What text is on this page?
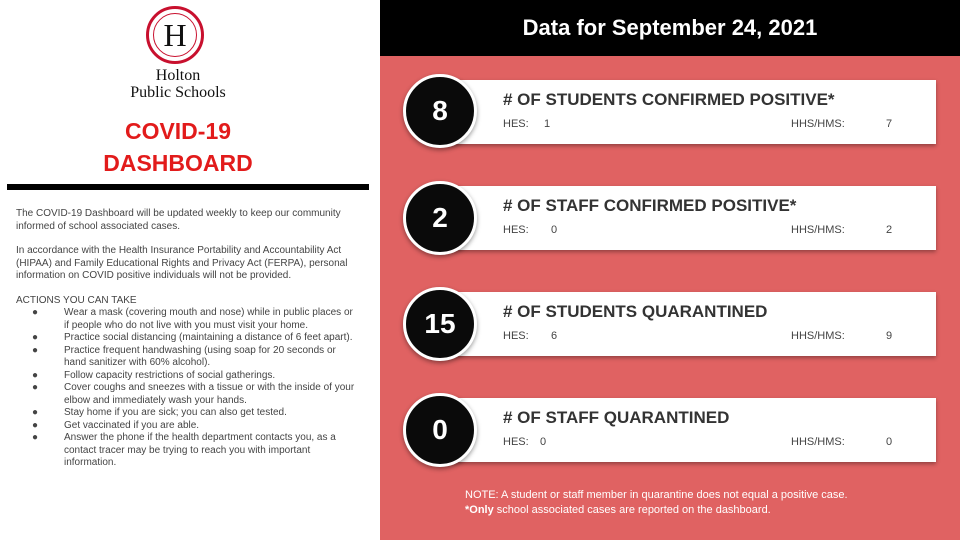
H
Holton
Public Schools
COVID-19
DASHBOARD

The COVID-19 Dashboard will be updated weekly to keep our community informed of school associated cases.

In accordance with the Health Insurance Portability and Accountability Act (HIPAA) and Family Educational Rights and Privacy Act (FERPA), personal information on COVID positive individuals will not be provided.

ACTIONS YOU CAN TAKE
●	Wear a mask (covering mouth and nose) while in public places or if people who do not live with you must visit your home.
●	Practice social distancing (maintaining a distance of 6 feet apart).
●	Practice frequent handwashing (using soap for 20 seconds or hand sanitizer with 60% alcohol).
●	Follow capacity restrictions of social gatherings.
●	Cover coughs and sneezes with a tissue or with the inside of your elbow and immediately wash your hands.
●	Stay home if you are sick; you can also get tested.
●	Get vaccinated if you are able.
●	Answer the phone if the health department contacts you, as a contact tracer may be trying to reach you with important information.
Data for September 24, 2021
# OF STUDENTS CONFIRMED POSITIVE*
HES: 1	HHS/HMS:	7
8
# OF STAFF CONFIRMED POSITIVE*
HES: 0	HHS/HMS:	2
2
# OF STUDENTS QUARANTINED
HES: 6	HHS/HMS:	9
15
# OF STAFF QUARANTINED
HES: 0	HHS/HMS:	0
0
NOTE: A student or staff member in quarantine does not equal a positive case.
*Only school associated cases are reported on the dashboard.
